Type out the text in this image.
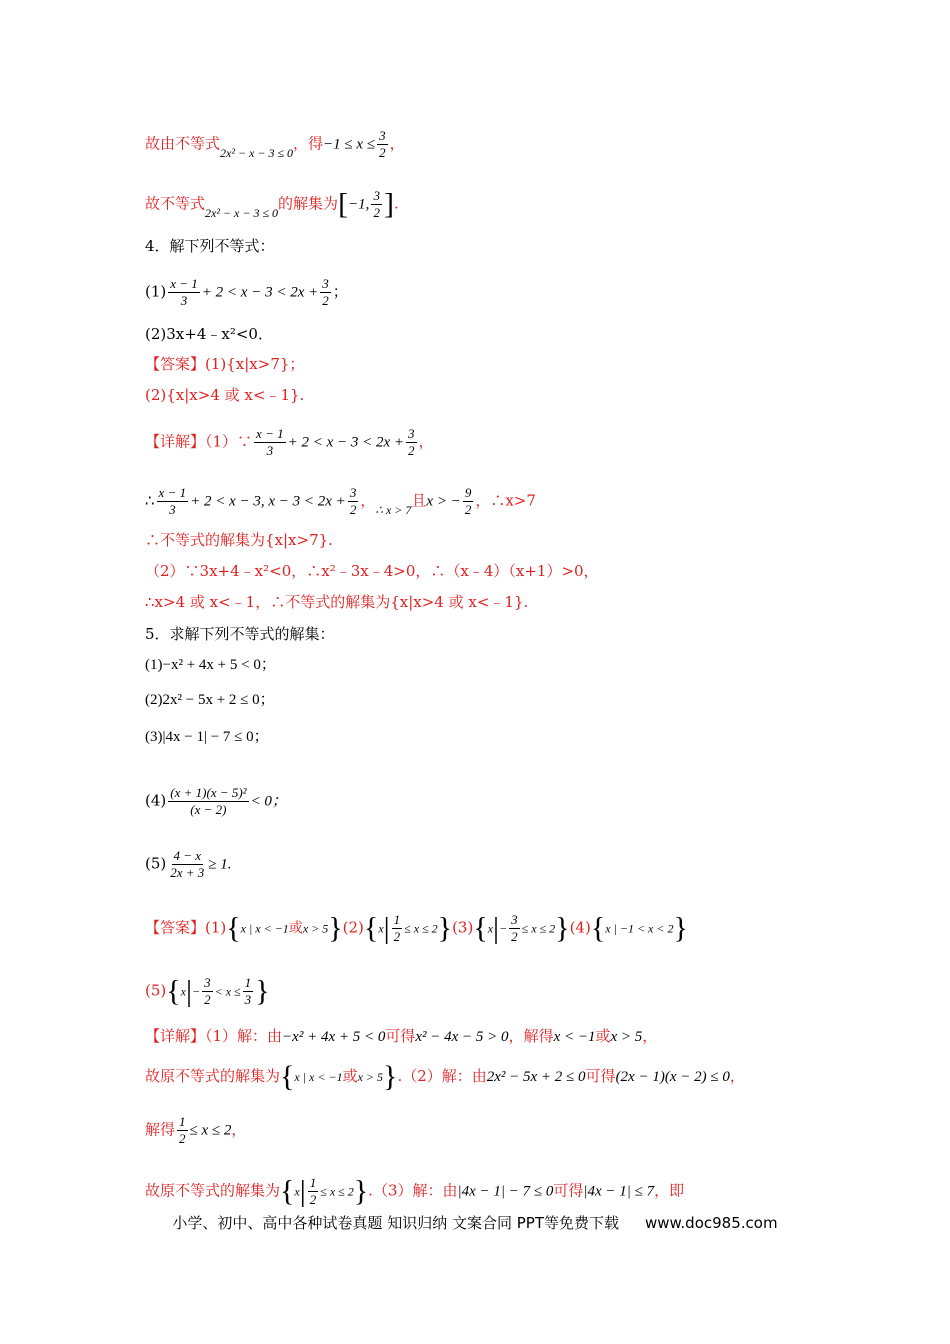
故由不等式$_{2x^2 - x - 3 \le 0}$，得$-1 \le x \le \frac{3}{2}$ ，
故不等式$_{2x^2 - x - 3 \le 0}$的解集为[−1, $\frac{3}{2}$ ].
4．解下列不等式：
$(1) \frac{x - 1}{3} + 2 < x - 3 < 2x + \frac{3}{2}$ ；
(2)3x+4﹣x²<0．
【答案】(1){x|x>7}；
(2){x|x>4 或 x<﹣1}.
【详解】（1）∵ $\frac{x - 1}{3} + 2 < x - 3 < 2x + \frac{3}{2}$ ，
∴ $\frac{x - 1}{3} + 2 < x - 3$, $x - 3 < 2x + \frac{3}{2}$ ，$_{\therefore x > 7}$且x > − $\frac{9}{2}$ ，∴x>7
∴不等式的解集为{x|x>7}.
（2）∵3x+4﹣x²<0，∴x²﹣3x﹣4>0，∴（x﹣4）（x+1）>0，
∴x>4 或 x<﹣1，∴不等式的解集为{x|x>4 或 x<﹣1}.
5．求解下列不等式的解集：
(1)−x² + 4x + 5 < 0；
(2)2x² − 5x + 2 ≤ 0；
(3)|4x − 1| − 7 ≤ 0；
$(4) \frac{\text{(x + 1)(x − 5)²}}{(x - 2)} < 0$；
$(5) \frac{4 - x}{2x + 3} \ge 1$.
【答案】(1){x | x < −1或$x > 5\}(2)\{x| \frac{1}{2} \le x \le 2\}(3)\{x|- \frac{3}{2} \le x \le 2\}(4)\{x$ | −1 < x < 2}
$(5)\{x|- \frac{3}{2} < x \le \frac{1}{3}$ }
【详解】（1）解：由−x² + 4x + 5 < 0可得x² − 4x − 5 > 0，解得x < −1或x > 5，
故原不等式的解集为{x | x < −1或x > 5}.（2）解：由2x² − 5x + 2 ≤ 0可得(2x − 1)(x − 2) ≤ 0，
解得 $\frac{1}{2} \le x \le 2$，
故原不等式的解集为$\{x| \frac{1}{2} \le x \le 2\}.(3)$解：由|4x − 1| − 7 ≤ 0可得|4x − 1| ≤ 7，即
小学、初中、高中各种试卷真题 知识归纳 文案合同 PPT等免费下载 www.doc985.com
